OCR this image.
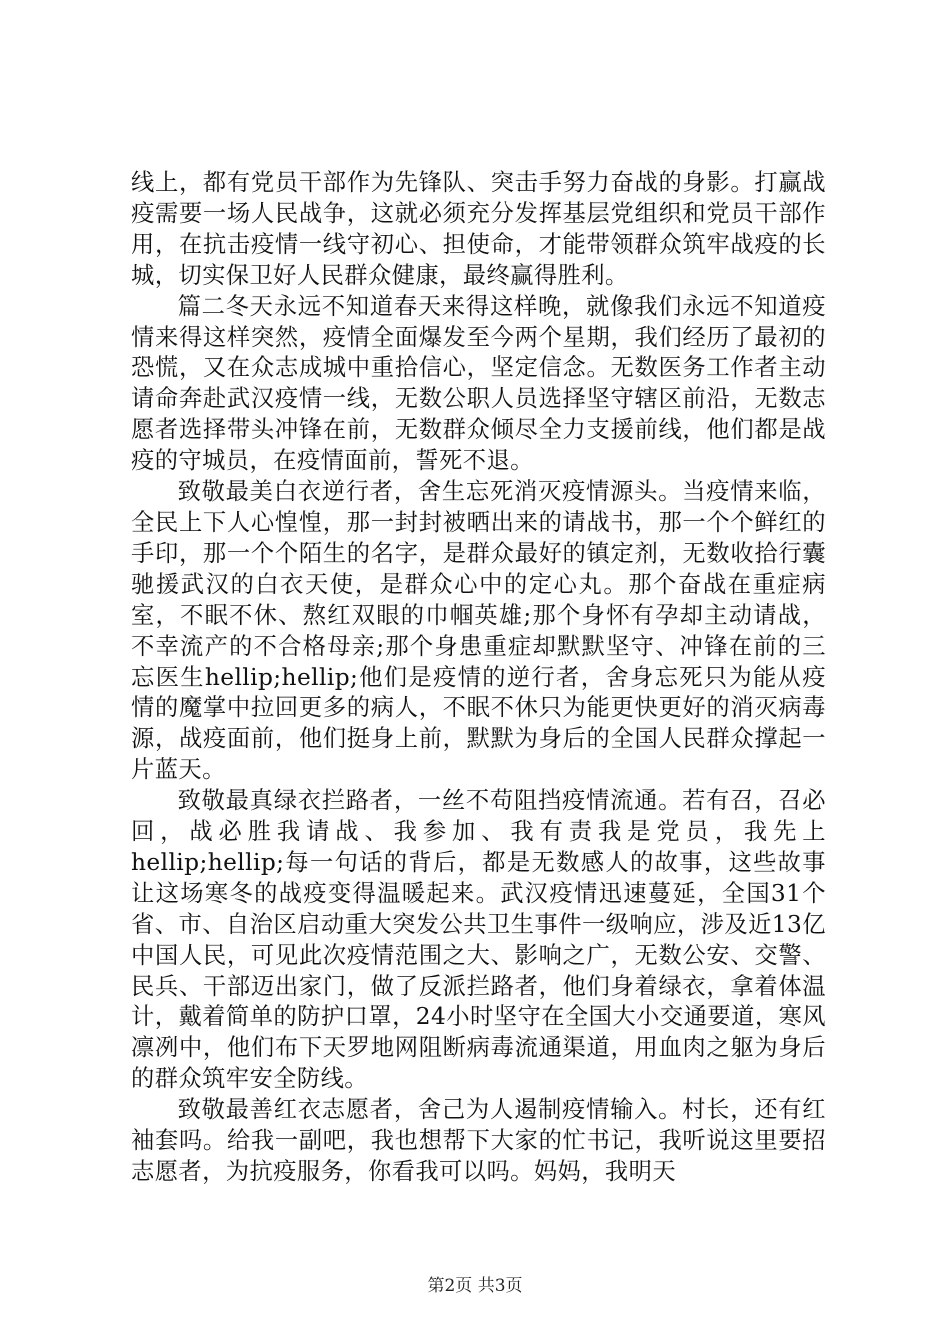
线上，都有党员干部作为先锋队、突击手努力奋战的身影。打赢战疫需要一场人民战争，这就必须充分发挥基层党组织和党员干部作用，在抗击疫情一线守初心、担使命，才能带领群众筑牢战疫的长城，切实保卫好人民群众健康，最终赢得胜利。

篇二冬天永远不知道春天来得这样晚，就像我们永远不知道疫情来得这样突然，疫情全面爆发至今两个星期，我们经历了最初的恐慌，又在众志成城中重拾信心，坚定信念。无数医务工作者主动请命奔赴武汉疫情一线，无数公职人员选择坚守辖区前沿，无数志愿者选择带头冲锋在前，无数群众倾尽全力支援前线，他们都是战疫的守城员，在疫情面前，誓死不退。

致敬最美白衣逆行者，舍生忘死消灭疫情源头。当疫情来临，全民上下人心惶惶，那一封封被晒出来的请战书，那一个个鲜红的手印，那一个个陌生的名字，是群众最好的镇定剂，无数收拾行囊驰援武汉的白衣天使，是群众心中的定心丸。那个奋战在重症病室，不眠不休、熬红双眼的巾帼英雄;那个身怀有孕却主动请战，不幸流产的不合格母亲;那个身患重症却默默坚守、冲锋在前的三忘医生hellip;hellip;他们是疫情的逆行者，舍身忘死只为能从疫情的魔掌中拉回更多的病人，不眠不休只为能更快更好的消灭病毒源，战疫面前，他们挺身上前，默默为身后的全国人民群众撑起一片蓝天。

致敬最真绿衣拦路者，一丝不苟阻挡疫情流通。若有召，召必回，战必胜我请战、我参加、我有责我是党员，我先上hellip;hellip;每一句话的背后，都是无数感人的故事，这些故事让这场寒冬的战疫变得温暖起来。武汉疫情迅速蔓延，全国31个省、市、自治区启动重大突发公共卫生事件一级响应，涉及近13亿中国人民，可见此次疫情范围之大、影响之广，无数公安、交警、民兵、干部迈出家门，做了反派拦路者，他们身着绿衣，拿着体温计，戴着简单的防护口罩，24小时坚守在全国大小交通要道，寒风凛冽中，他们布下天罗地网阻断病毒流通渠道，用血肉之躯为身后的群众筑牢安全防线。

致敬最善红衣志愿者，舍己为人遏制疫情输入。村长，还有红袖套吗。给我一副吧，我也想帮下大家的忙书记，我听说这里要招志愿者，为抗疫服务，你看我可以吗。妈妈，我明天

第2页 共3页
